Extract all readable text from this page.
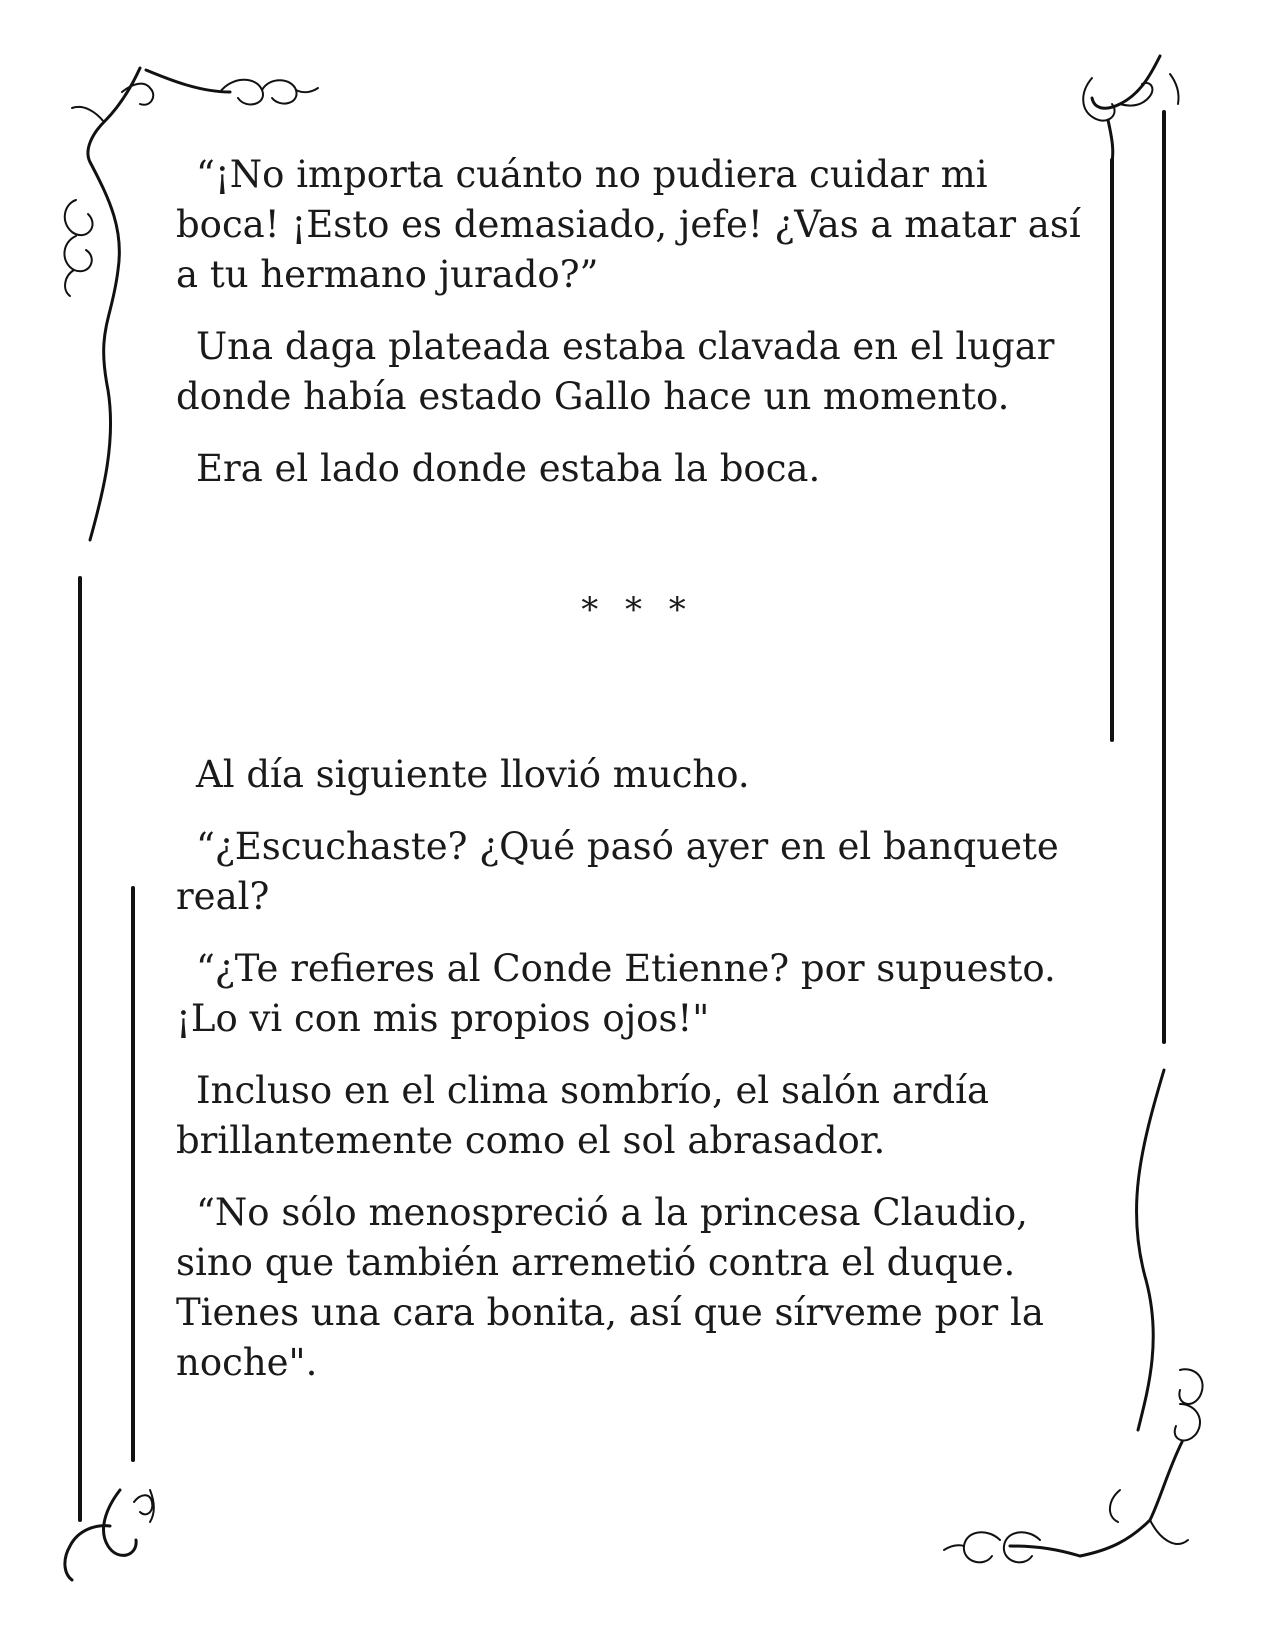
“¡No importa cuánto no pudiera cuidar mi boca! ¡Esto es demasiado, jefe! ¿Vas a matar así a tu hermano jurado?”

Una daga plateada estaba clavada en el lugar donde había estado Gallo hace un momento.

Era el lado donde estaba la boca.

* * *

Al día siguiente llovió mucho.

“¿Escuchaste? ¿Qué pasó ayer en el banquete real?

“¿Te refieres al Conde Etienne? por supuesto. ¡Lo vi con mis propios ojos!"

Incluso en el clima sombrío, el salón ardía brillantemente como el sol abrasador.

“No sólo menospreció a la princesa Claudio, sino que también arremetió contra el duque. Tienes una cara bonita, así que sírveme por la noche".
